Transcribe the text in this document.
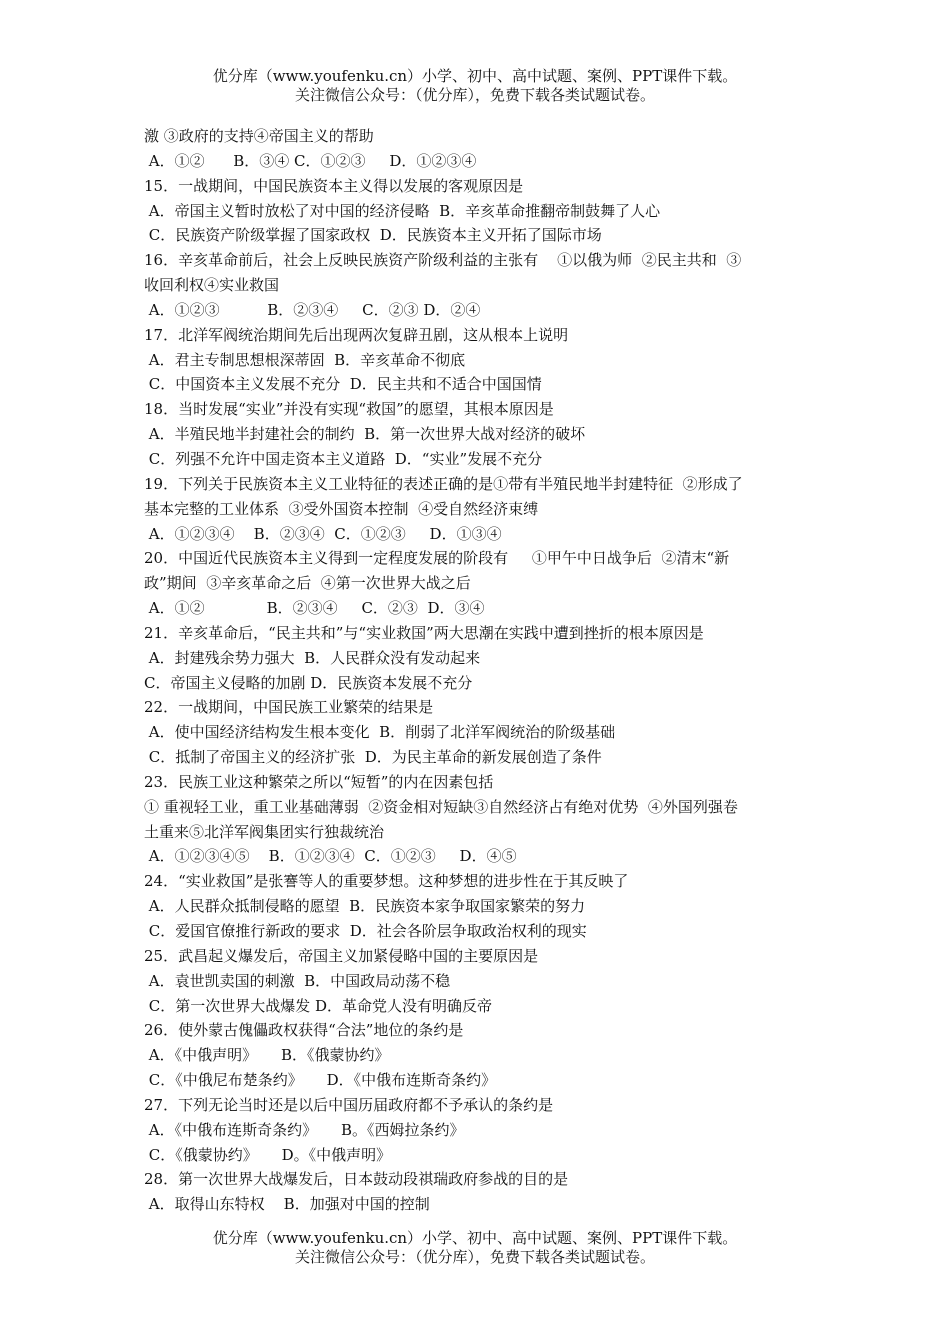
优分库（www.youfenku.cn）小学、初中、高中试题、案例、PPT课件下载。
关注微信公众号：（优分库），免费下载各类试题试卷。
激 ③政府的支持④帝国主义的帮助
A．①②      B．③④ C．①②③     D．①②③④
15．一战期间，中国民族资本主义得以发展的客观原因是
A．帝国主义暂时放松了对中国的经济侵略  B．辛亥革命推翻帝制鼓舞了人心
C．民族资产阶级掌握了国家政权  D．民族资本主义开拓了国际市场
16．辛亥革命前后，社会上反映民族资产阶级利益的主张有    ①以俄为师  ②民主共和  ③
收回利权④实业救国
A．①②③          B．②③④     C．②③ D．②④
17．北洋军阀统治期间先后出现两次复辟丑剧，这从根本上说明
A．君主专制思想根深蒂固  B．辛亥革命不彻底
C．中国资本主义发展不充分  D．民主共和不适合中国国情
18．当时发展“实业”并没有实现“救国”的愿望，其根本原因是
A．半殖民地半封建社会的制约  B．第一次世界大战对经济的破坏
C．列强不允许中国走资本主义道路  D．“实业”发展不充分
19．下列关于民族资本主义工业特征的表述正确的是①带有半殖民地半封建特征  ②形成了
基本完整的工业体系  ③受外国资本控制  ④受自然经济束缚
A．①②③④    B．②③④  C．①②③     D．①③④
20．中国近代民族资本主义得到一定程度发展的阶段有     ①甲午中日战争后  ②清末“新
政”期间  ③辛亥革命之后  ④第一次世界大战之后
A．①②             B．②③④     C．②③  D．③④
21．辛亥革命后，“民主共和”与“实业救国”两大思潮在实践中遭到挫折的根本原因是
A．封建残余势力强大  B．人民群众没有发动起来
C．帝国主义侵略的加剧 D．民族资本发展不充分
22．一战期间，中国民族工业繁荣的结果是
A．使中国经济结构发生根本变化  B．削弱了北洋军阀统治的阶级基础
C．抵制了帝国主义的经济扩张  D．为民主革命的新发展创造了条件
23．民族工业这种繁荣之所以“短暂”的内在因素包括
① 重视轻工业，重工业基础薄弱  ②资金相对短缺③自然经济占有绝对优势  ④外国列强卷
土重来⑤北洋军阀集团实行独裁统治
A．①②③④⑤    B．①②③④  C．①②③     D．④⑤
24．“实业救国”是张謇等人的重要梦想。这种梦想的进步性在于其反映了
A．人民群众抵制侵略的愿望  B．民族资本家争取国家繁荣的努力
C．爱国官僚推行新政的要求  D．社会各阶层争取政治权利的现实
25．武昌起义爆发后，帝国主义加紧侵略中国的主要原因是
A．袁世凯卖国的刺激  B．中国政局动荡不稳
C．第一次世界大战爆发 D．革命党人没有明确反帝
26．使外蒙古傀儡政权获得“合法”地位的条约是
A．《中俄声明》     B．《俄蒙协约》
C．《中俄尼布楚条约》     D．《中俄布连斯奇条约》
27．下列无论当时还是以后中国历届政府都不予承认的条约是
A．《中俄布连斯奇条约》     B。《西姆拉条约》
C．《俄蒙协约》     D。《中俄声明》
28．第一次世界大战爆发后，日本鼓动段祺瑞政府参战的目的是
A．取得山东特权    B．加强对中国的控制
优分库（www.youfenku.cn）小学、初中、高中试题、案例、PPT课件下载。
关注微信公众号：（优分库），免费下载各类试题试卷。
